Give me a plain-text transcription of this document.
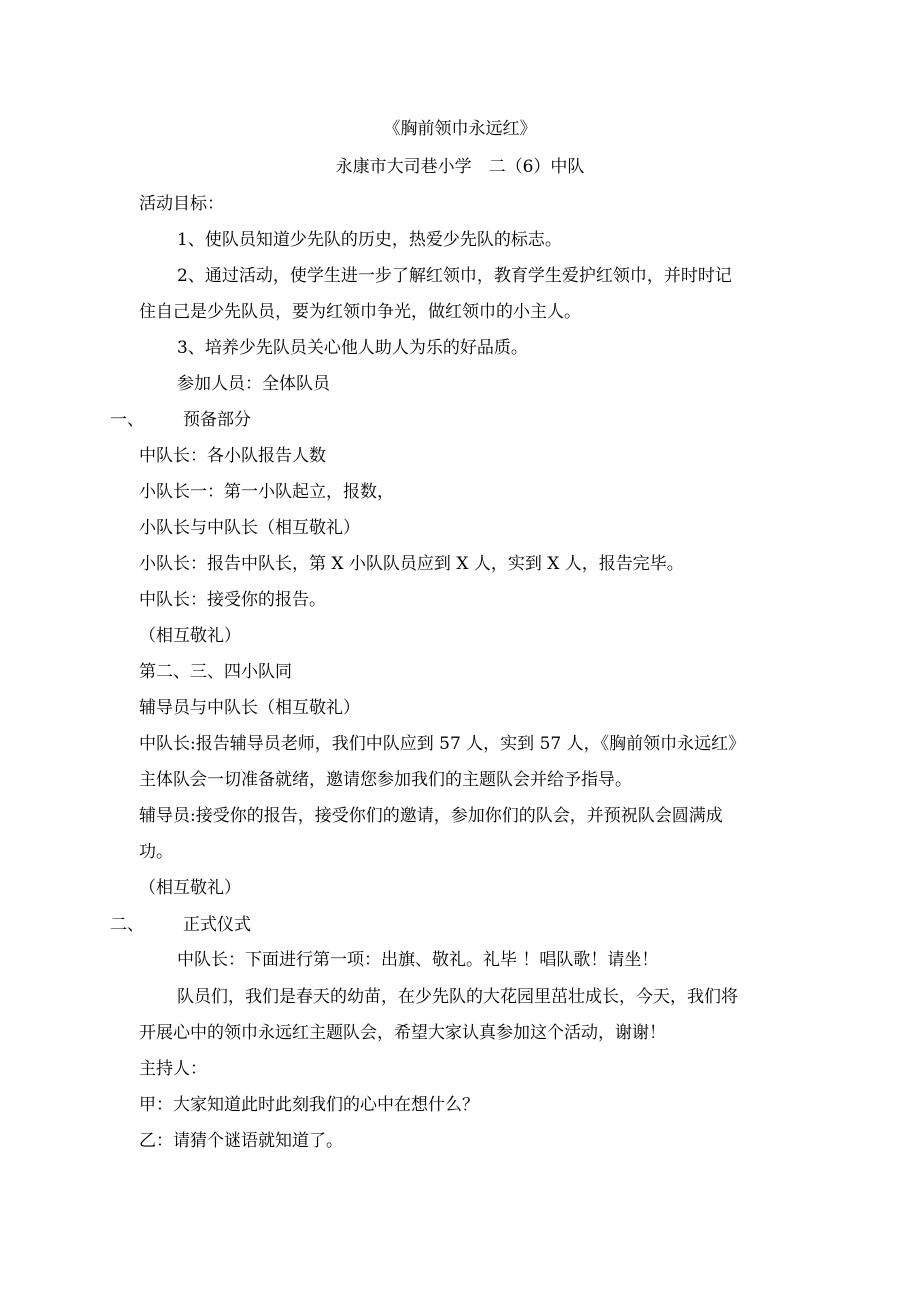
《胸前领巾永远红》
永康市大司巷小学　二（6）中队
活动目标：
1、使队员知道少先队的历史，热爱少先队的标志。
2、通过活动，使学生进一步了解红领巾，教育学生爱护红领巾，并时时记
住自己是少先队员，要为红领巾争光，做红领巾的小主人。
3、培养少先队员关心他人助人为乐的好品质。
参加人员：全体队员
一、 预备部分
中队长：各小队报告人数
小队长一：第一小队起立，报数，
小队长与中队长（相互敬礼）
小队长：报告中队长，第 X 小队队员应到 X 人，实到 X 人，报告完毕。
中队长：接受你的报告。
（相互敬礼）
第二、三、四小队同
辅导员与中队长（相互敬礼）
中队长:报告辅导员老师，我们中队应到 57 人，实到 57 人，《胸前领巾永远红》
主体队会一切准备就绪，邀请您参加我们的主题队会并给予指导。
辅导员:接受你的报告，接受你们的邀请，参加你们的队会，并预祝队会圆满成
功。
（相互敬礼）
二、 正式仪式
中队长：下面进行第一项：出旗、敬礼。礼毕 ！唱队歌！请坐！
队员们，我们是春天的幼苗，在少先队的大花园里茁壮成长，今天，我们将
开展心中的领巾永远红主题队会，希望大家认真参加这个活动，谢谢！
主持人：
甲：大家知道此时此刻我们的心中在想什么？
乙：请猜个谜语就知道了。
